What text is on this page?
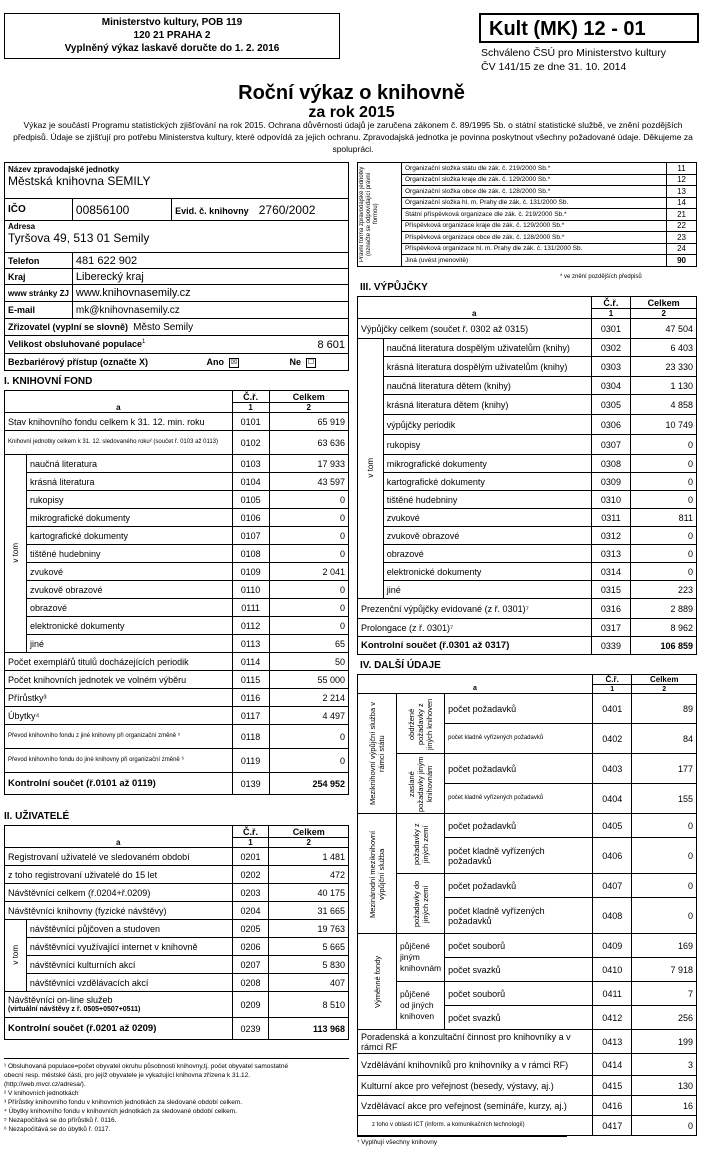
Ministerstvo kultury, POB 119
120 21 PRAHA 2
Vyplněný výkaz laskavě doručte do 1. 2. 2016
Kult (MK) 12 - 01
Schváleno ČSÚ pro Ministerstvo kultury
ČV 141/15 ze dne 31. 10. 2014
Roční výkaz o knihovně
za rok 2015
Výkaz je součástí Programu statistických zjišťování na rok 2015. Ochrana důvěrnosti údajů je zaručena zákonem č. 89/1995 Sb. o státní statistické službě, ve znění pozdějších předpisů. Údaje se zjišťují pro potřebu Ministerstva kultury, které odpovídá za jejich ochranu. Zpravodajská jednotka je povinna poskytnout všechny požadované údaje. Děkujeme za spolupráci.
Název zpravodajské jednotky
Městská knihovna SEMILY		

IČO	00856100	Evid. č. knihovny 2760/2002

Adresa
Tyršova 49, 513 01 Semily		

Telefon	481 622 902	
Kraj	Liberecký kraj	
www stránky ZJ	www.knihovnasemily.cz	
E-mail	mk@knihovnasemily.cz	
Zřizovatel (vyplní se slovně) Město Semily		
Velikost obsluhované populace$^1$ 8 601		

Bezbariérový přístup (označte X) Ano ☒ Ne ☐		
Právní forma zpravodajské jednotky (označte se odpovídající právní formou)	Organizační složka státu dle zák. č. 219/2000 Sb.*	11
	Organizační složka kraje dle zák. č. 129/2000 Sb.*	12
	Organizační složka obce dle zák. č. 128/2000 Sb.*	13
	Organizační složka hl. m. Prahy dle zák. č. 131/2000 Sb.	14
	Státní příspěvková organizace dle zák. č. 219/2000 Sb.*	21
	Příspěvková organizace kraje dle zák. č. 129/2000 Sb.*	22
	Příspěvková organizace obce dle zák. č. 128/2000 Sb.*	23
	Příspěvková organizace hl. m. Prahy dle zák. č. 131/2000 Sb.	24
	Jiná (uvést jmenovitě)	90
* ve znění pozdějších předpisů
I. KNIHOVNÍ FOND
		Č.ř.	Celkem
a		1	2
Stav knihovního fondu celkem k 31. 12. min. roku		0101	65 919
Knihovní jednotky celkem k 31. 12. sledovaného roku² (součet ř. 0103 až 0113)		0102	63 636
v tom	naučná literatura	0103	17 933
	krásná literatura	0104	43 597
	rukopisy	0105	0
	mikrografické dokumenty	0106	0
	kartografické dokumenty	0107	0
	tištěné hudebniny	0108	0
	zvukové	0109	2 041
	zvukově obrazové	0110	0
	obrazové	0111	0
	elektronické dokumenty	0112	0
	jiné	0113	65
Počet exemplářů titulů docházejících periodik		0114	50
Počet knihovních jednotek ve volném výběru		0115	55 000
Přírůstky³		0116	2 214
Úbytky⁴		0117	4 497
Převod knihovního fondu z jiné knihovny při organizační změně ⁵		0118	0
Převod knihovního fondu do jiné knihovny při organizační změně ⁶		0119	0
Kontrolní součet (ř.0101 až 0119)		0139	254 952
II. UŽIVATELÉ
		Č.ř.	Celkem
a		1	2
Registrovaní uživatelé ve sledovaném období		0201	1 481
z toho registrovaní uživatelé do 15 let		0202	472
Návštěvníci celkem (ř.0204+ř.0209)		0203	40 175
Návštěvníci knihovny (fyzické návštěvy)		0204	31 665
v tom	návštěvníci půjčoven a studoven	0205	19 763
	návštěvníci využívající internet v knihovně	0206	5 665
	návštěvníci kulturních akcí	0207	5 830
	návštěvníci vzdělávacích akcí	0208	407

Návštěvníci on-line služeb
(virtuální návštěvy z ř. 0505+0507+0511)		0209	8 510
Kontrolní součet (ř.0201 až 0209)		0239	113 968
III. VÝPŮJČKY
		Č.ř.	Celkem
a		1	2
Výpůjčky celkem (součet ř. 0302 až 0315)		0301	47 504
v tom	naučná literatura dospělým uživatelům (knihy)	0302	6 403
	krásná literatura dospělým uživatelům (knihy)	0303	23 330
	naučná literatura dětem (knihy)	0304	1 130
	krásná literatura dětem (knihy)	0305	4 858
	výpůjčky periodik	0306	10 749
	rukopisy	0307	0
	mikrografické dokumenty	0308	0
	kartografické dokumenty	0309	0
	tištěné hudebniny	0310	0
	zvukové	0311	811
	zvukově obrazové	0312	0
	obrazové	0313	0
	elektronické dokumenty	0314	0
	jiné	0315	223
Prezenční výpůjčky evidované (z ř. 0301)⁷		0316	2 889
Prolongace (z ř. 0301)⁷		0317	8 962
Kontrolní součet (ř.0301 až 0317)		0339	106 859
IV. DALŠÍ ÚDAJE
			Č.ř.	Celkem
a			1	2

Meziknihovní výpůjční služba v rámci státu	obdržené požadavky z jiných knihoven	počet požadavků	0401	89
		počet kladně vyřízených požadavků	0402	84

	zaslané požadavky jiným knihovnám	počet požadavků	0403	177
		počet kladně vyřízených požadavků	0404	155

Mezinárodní meziknihovní výpůjční služba	požadavky z jiných zemí	počet požadavků	0405	0
		počet kladně vyřízených požadavků	0406	0

	požadavky do jiných zemí	počet požadavků	0407	0
		počet kladně vyřízených požadavků	0408	0

Výměnné fondy	půjčené jiným knihovnám	počet souborů	0409	169
		počet svazků	0410	7 918
	půjčené od jiných knihoven	počet souborů	0411	7
		počet svazků	0412	256
Poradenská a konzultační činnost pro knihovníky a v rámci RF			0413	199
Vzdělávání knihovníků pro knihovníky a v rámci RF)			0414	3
Kulturní akce pro veřejnost (besedy, výstavy, aj.)			0415	130
Vzdělávací akce pro veřejnost (semináře, kurzy, aj.)			0416	16
z toho v oblasti ICT (inform. a komunikačních technologií)			0417	0
¹ Obsluhovaná populace=počet obyvatel okruhu působnosti knihovny,tj. počet obyvatel samostatné
obecní resp. městské části, pro jejíž obyvatele je vykazující knihovna zřízena k 31.12.
(http://web.mvcr.cz/adresa/).
² V knihovních jednotkách
³ Přírůstky knihovního fondu v knihovních jednotkách za sledované období celkem.
⁴ Úbytky knihovního fondu v knihovních jednotkách za sledované období celkem.
⁵ Nezapočítává se do přírůstků ř. 0116.
⁶ Nezapočítává se do úbytků ř. 0117.
⁷ Vyplňují všechny knihovny
